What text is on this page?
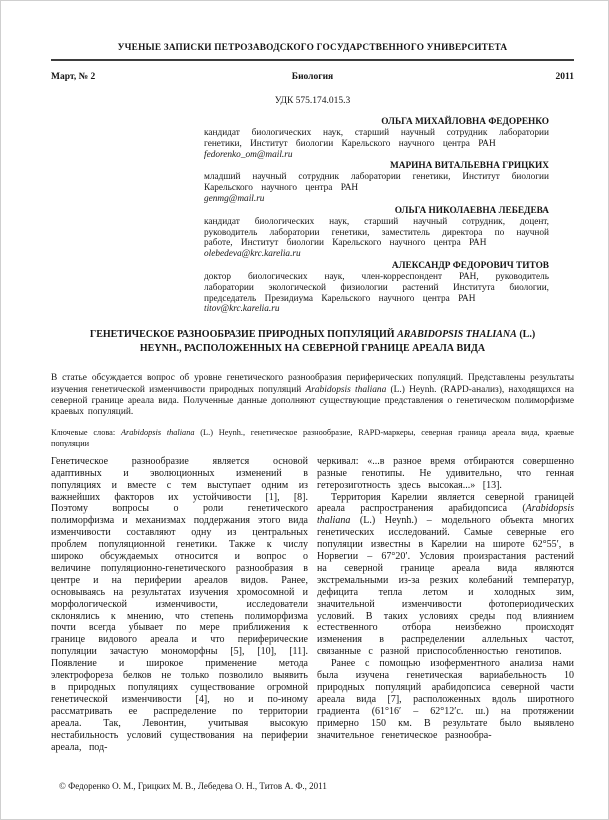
УЧЕНЫЕ ЗАПИСКИ ПЕТРОЗАВОДСКОГО ГОСУДАРСТВЕННОГО УНИВЕРСИТЕТА
Март, № 2	Биология	2011
УДК 575.174.015.3
ОЛЬГА МИХАЙЛОВНА ФЕДОРЕНКО
кандидат биологических наук, старший научный сотрудник лаборатории генетики, Институт биологии Карельского научного центра РАН
fedorenko_om@mail.ru
МАРИНА ВИТАЛЬЕВНА ГРИЦКИХ
младший научный сотрудник лаборатории генетики, Институт биологии Карельского научного центра РАН
genmg@mail.ru
ОЛЬГА НИКОЛАЕВНА ЛЕБЕДЕВА
кандидат биологических наук, старший научный сотрудник, доцент, руководитель лаборатории генетики, заместитель директора по научной работе, Институт биологии Карельского научного центра РАН
olebedeva@krc.karelia.ru
АЛЕКСАНДР ФЕДОРОВИЧ ТИТОВ
доктор биологических наук, член-корреспондент РАН, руководитель лаборатории экологической физиологии растений Института биологии, председатель Президиума Карельского научного центра РАН
titov@krc.karelia.ru
ГЕНЕТИЧЕСКОЕ РАЗНООБРАЗИЕ ПРИРОДНЫХ ПОПУЛЯЦИЙ ARABIDOPSIS THALIANA (L.)
HEYNH., РАСПОЛОЖЕННЫХ НА СЕВЕРНОЙ ГРАНИЦЕ АРЕАЛА ВИДА
В статье обсуждается вопрос об уровне генетического разнообразия периферических популяций. Представлены результаты изучения генетической изменчивости природных популяций Arabidopsis thaliana (L.) Heynh. (RAPD-анализ), находящихся на северной границе ареала вида. Полученные данные дополняют существующие представления о генетическом полиморфизме краевых популяций.
Ключевые слова: Arabidopsis thaliana (L.) Heynh., генетическое разнообразие, RAPD-маркеры, северная граница ареала вида, краевые популяции

Генетическое разнообразие является основой адаптивных и эволюционных изменений в популяциях и вместе с тем выступает одним из важнейших факторов их устойчивости [1], [8]. Поэтому вопросы о роли генетического полиморфизма и механизмах поддержания этого вида изменчивости составляют одну из центральных проблем популяционной генетики. Также к числу широко обсуждаемых относится и вопрос о величине популяционно-генетического разнообразия в центре и на периферии ареалов видов. Ранее, основываясь на результатах изучения хромосомной и морфологической изменчивости, исследователи склонялись к мнению, что степень полиморфизма почти всегда убывает по мере приближения к границе видового ареала и что периферические популяции зачастую мономорфны [5], [10], [11]. Появление и широкое применение метода электрофореза белков не только позволило выявить в природных популяциях существование огромной генетической изменчивости [4], но и по-иному рассматривать ее распределение по территории ареала. Так, Левонтин, учитывая высокую нестабильность условий существования на периферии ареала, под-

черкивал: «...в разное время отбираются совершенно разные генотипы. Не удивительно, что генная гетерозиготность здесь высокая...» [13].

Территория Карелии является северной границей ареала распространения арабидопсиса (Arabidopsis thaliana (L.) Heynh.) – модельного объекта многих генетических исследований. Самые северные его популяции известны в Карелии на широте 62°55′, в Норвегии – 67°20′. Условия произрастания растений на северной границе ареала вида являются экстремальными из-за резких колебаний температур, дефицита тепла летом и холодных зим, значительной изменчивости фотопериодических условий. В таких условиях среды под влиянием естественного отбора неизбежно происходят изменения в распределении аллельных частот, связанные с разной приспособленностью генотипов.

Ранее с помощью изоферментного анализа нами была изучена генетическая вариабельность 10 природных популяций арабидопсиса северной части ареала вида [7], расположенных вдоль широтного градиента (61°16′ – 62°12′с. ш.) на протяжении примерно 150 км. В результате было выявлено значительное генетическое разнообра-

© Федоренко О. М., Грицких М. В., Лебедева О. Н., Титов А. Ф., 2011
